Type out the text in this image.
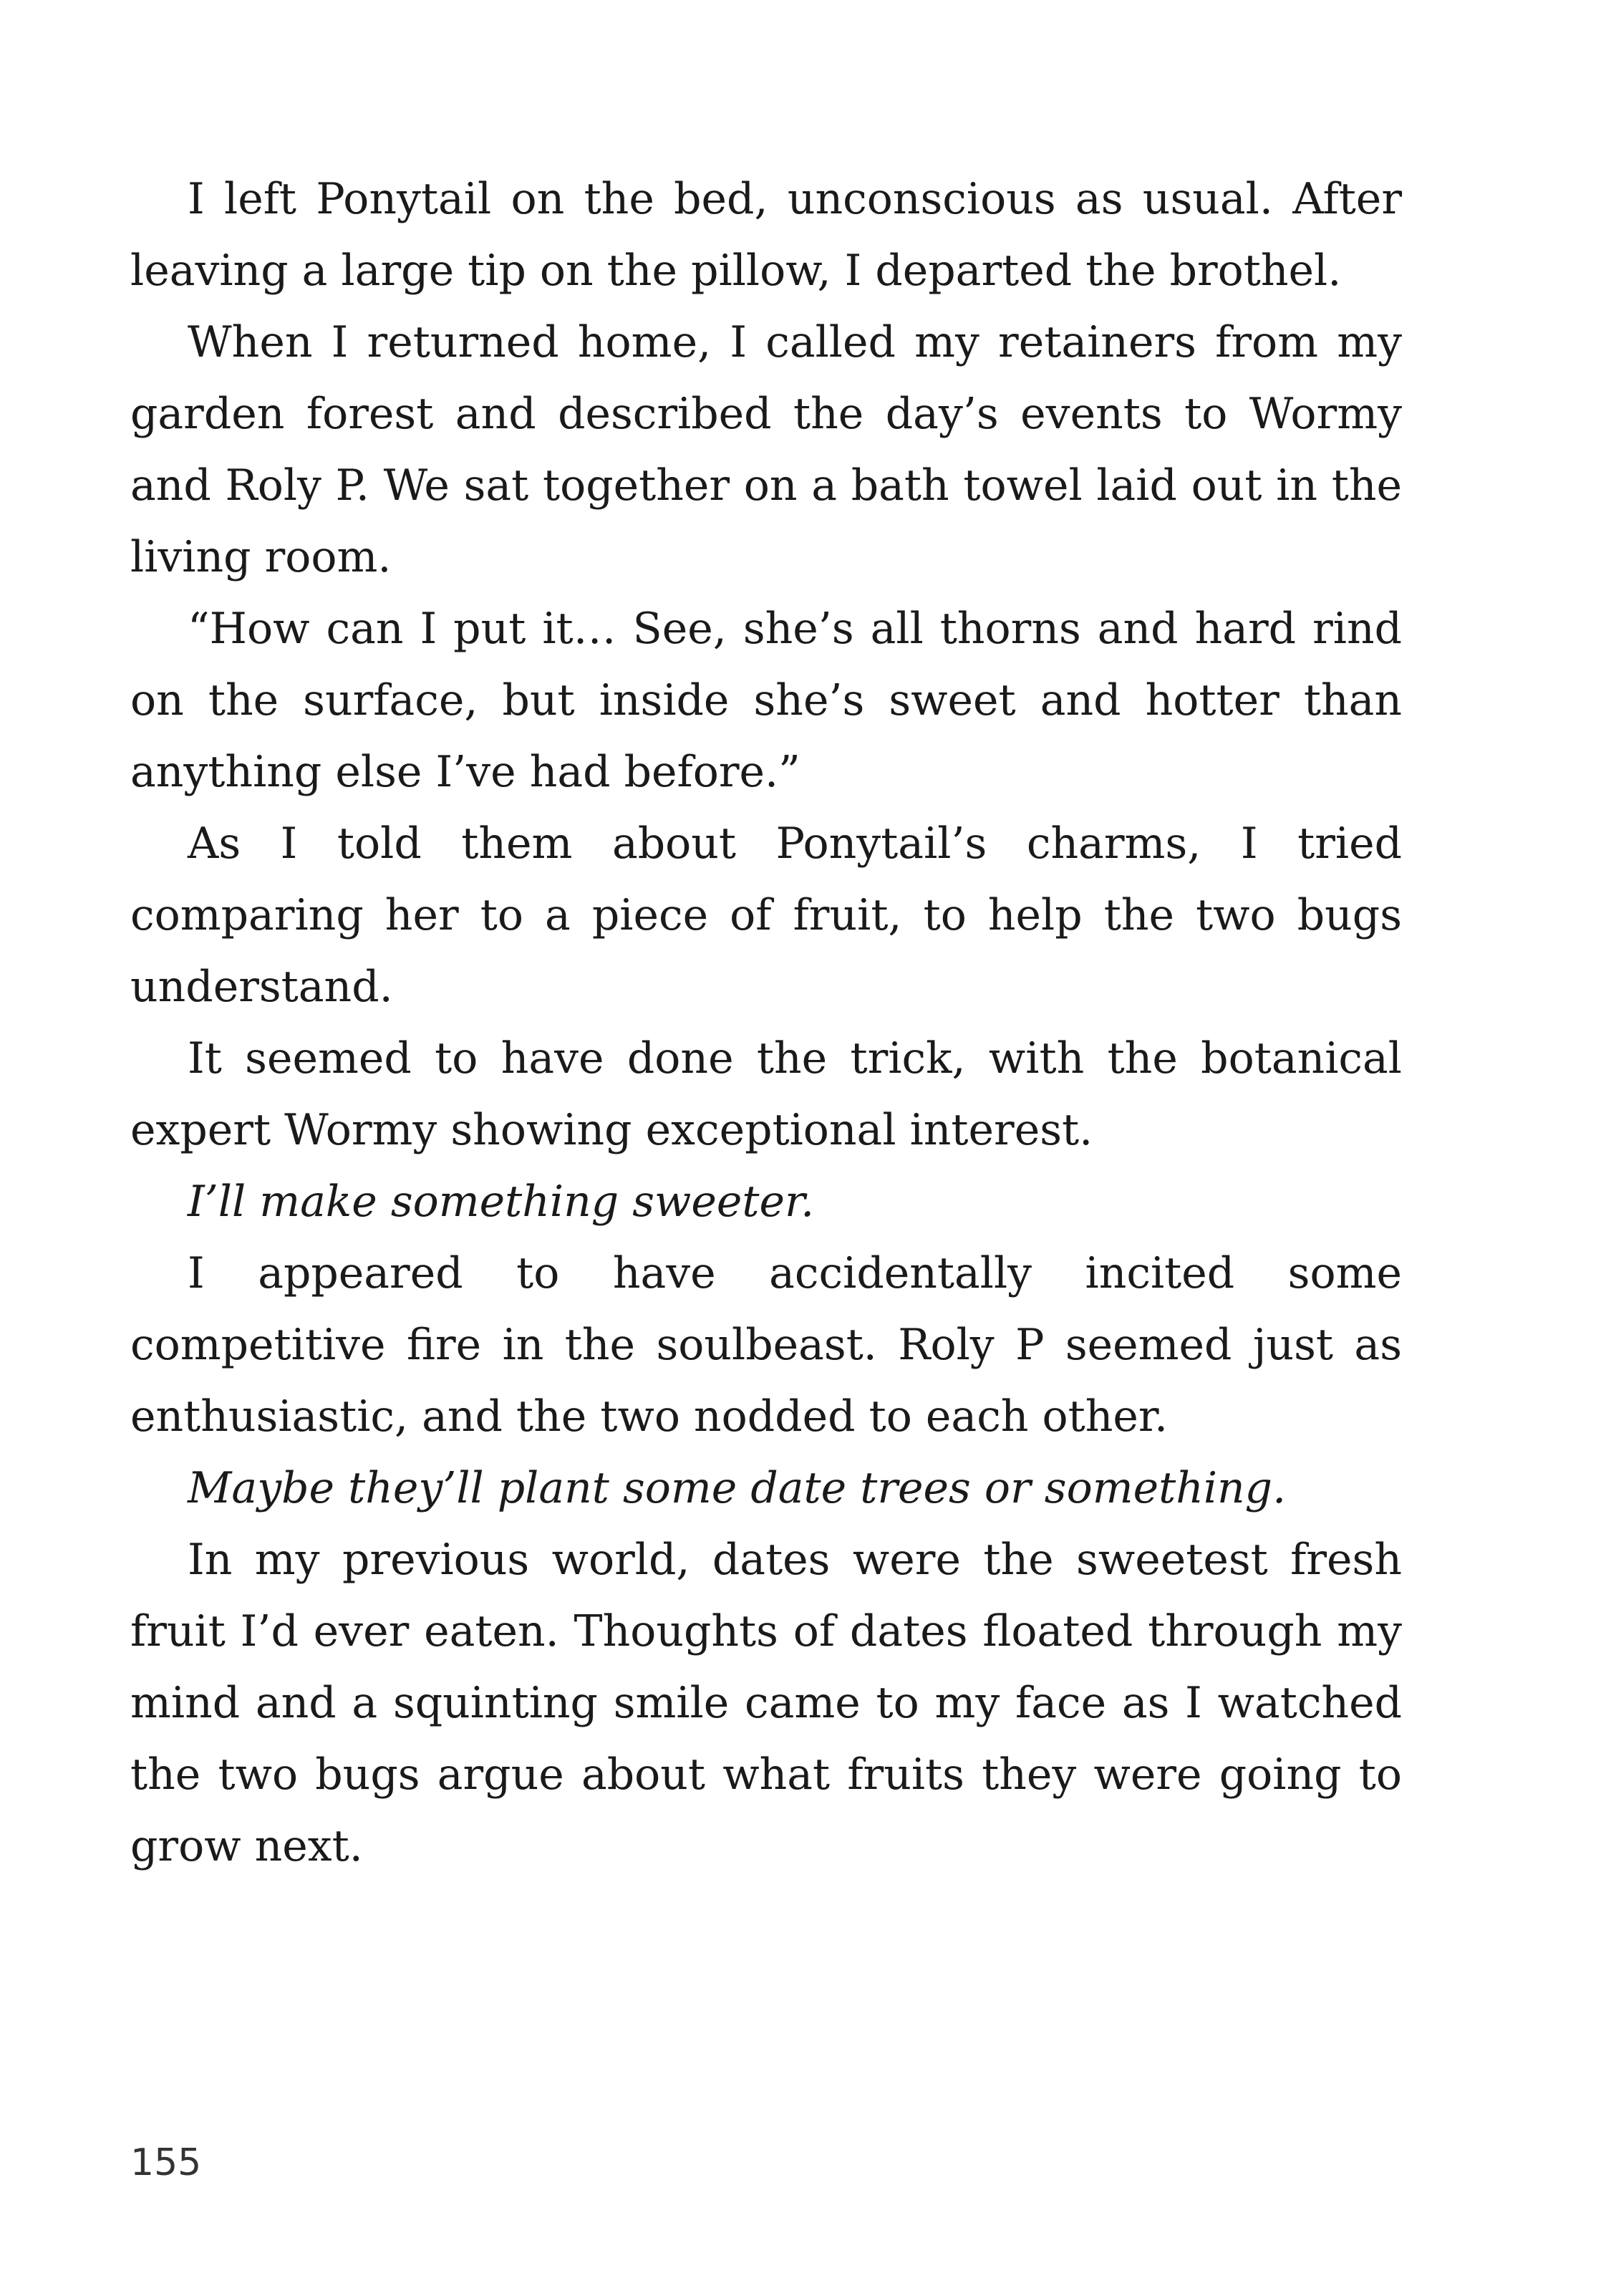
I left Ponytail on the bed, unconscious as usual. After leaving a large tip on the pillow, I departed the brothel.

When I returned home, I called my retainers from my garden forest and described the day’s events to Wormy and Roly P. We sat together on a bath towel laid out in the living room.

“How can I put it… See, she’s all thorns and hard rind on the surface, but inside she’s sweet and hotter than anything else I’ve had before.”

As I told them about Ponytail’s charms, I tried comparing her to a piece of fruit, to help the two bugs understand.

It seemed to have done the trick, with the botanical expert Wormy showing exceptional interest.

I’ll make something sweeter.

I appeared to have accidentally incited some competitive fire in the soulbeast. Roly P seemed just as enthusiastic, and the two nodded to each other.

Maybe they’ll plant some date trees or something.

In my previous world, dates were the sweetest fresh fruit I’d ever eaten. Thoughts of dates floated through my mind and a squinting smile came to my face as I watched the two bugs argue about what fruits they were going to grow next.

155
